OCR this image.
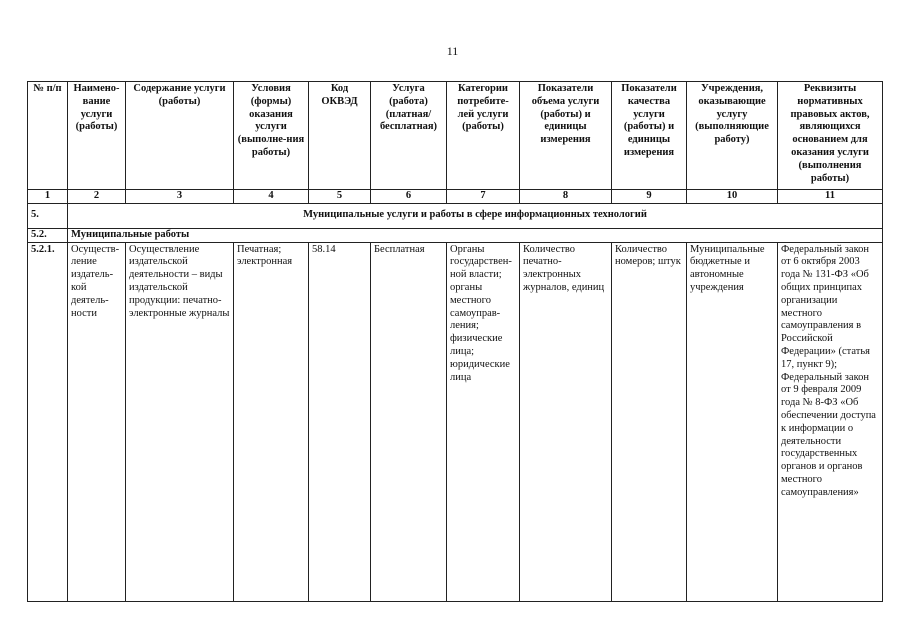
11
№ п/п	Наимено-вание услуги (работы)	Содержание услуги (работы)	Условия (формы) оказания услуги (выполне-ния работы)	Код ОКВЭД	Услуга (работа) (платная/ бесплатная)	Категории потребите-лей услуги (работы)	Показатели объема услуги (работы) и единицы измерения	Показатели качества услуги (работы) и единицы измерения	Учреждения, оказывающие услугу (выполняющие работу)	Реквизиты нормативных правовых актов, являющихся основанием для оказания услуги (выполнения работы)
1	2	3	4	5	6	7	8	9	10	11
5.	Муниципальные услуги и работы в сфере информационных технологий									
5.2.	Муниципальные работы									
5.2.1.	Осуществ-ление издатель-кой деятель-ности	Осуществление издательской деятельности – виды издательской продукции: печатно-электронные журналы	Печатная; электронная	58.14	Бесплатная	Органы государствен-ной власти; органы местного самоуправ-ления; физические лица; юридические лица	Количество печатно-электронных журналов, единиц	Количество номеров; штук	Муниципальные бюджетные и автономные учреждения	Федеральный закон от 6 октября 2003 года № 131-ФЗ «Об общих принципах организации местного самоуправления в Российской Федерации» (статья 17, пункт 9); Федеральный закон от 9 февраля 2009 года № 8-ФЗ «Об обеспечении доступа к информации о деятельности государственных органов и органов местного самоуправления»
